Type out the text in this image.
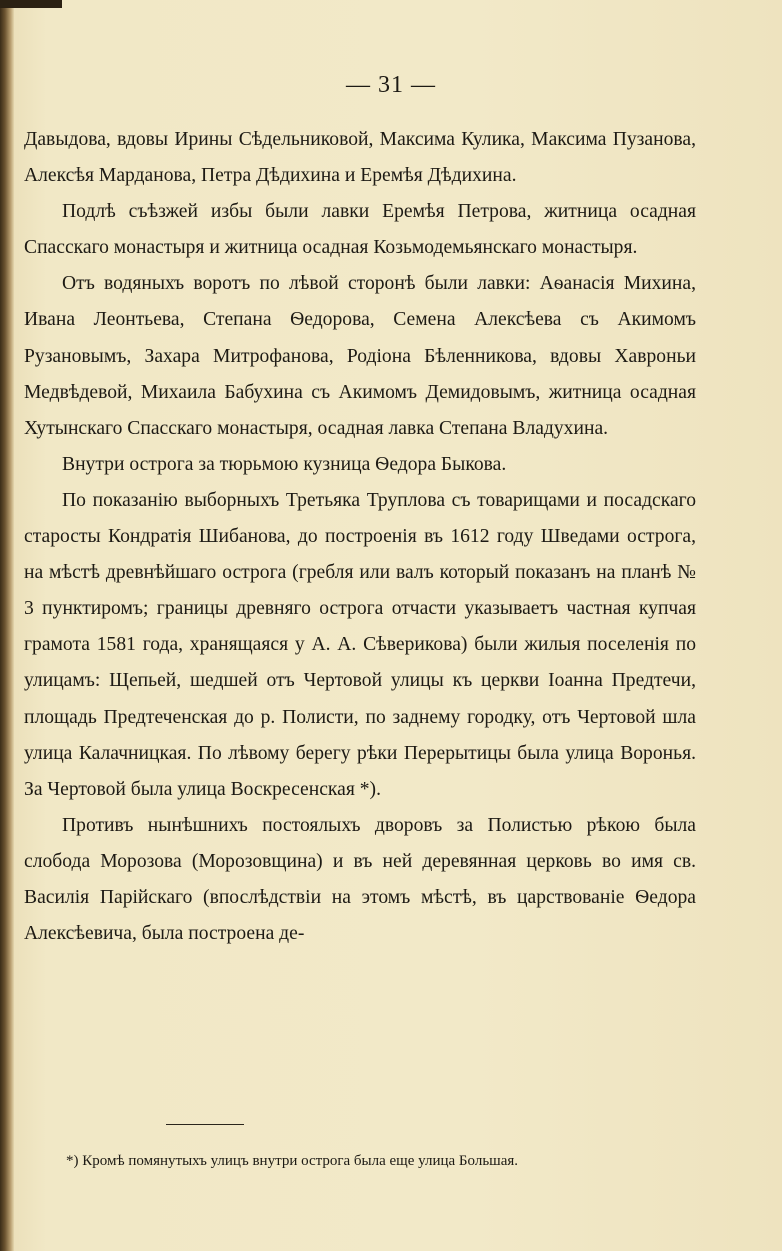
— 31 —

Давыдова, вдовы Ирины Сѣдельниковой, Максима Кулика, Максима Пузанова, Алексѣя Марданова, Петра Дѣдихина и Еремѣя Дѣдихина.

Подлѣ съѣзжей избы были лавки Еремѣя Петрова, житница осадная Спасскаго монастыря и житница осадная Козьмодемьянскаго монастыря.

Отъ водяныхъ воротъ по лѣвой сторонѣ были лавки: Аѳанасія Михина, Ивана Леонтьева, Степана Ѳедорова, Семена Алексѣева съ Акимомъ Рузановымъ, Захара Митрофанова, Родіона Бѣленникова, вдовы Хавроньи Медвѣдевой, Михаила Бабухина съ Акимомъ Демидовымъ, житница осадная Хутынскаго Спасскаго монастыря, осадная лавка Степана Владухина.

Внутри острога за тюрьмою кузница Ѳедора Быкова.

По показанію выборныхъ Третьяка Труплова съ товарищами и посадскаго старосты Кондратія Шибанова, до построенія въ 1612 году Шведами острога, на мѣстѣ древнѣйшаго острога (гребля или валъ который показанъ на планѣ № 3 пунктиромъ; границы древняго острога отчасти указываетъ частная купчая грамота 1581 года, хранящаяся у А. А. Сѣверикова) были жилыя поселенія по улицамъ: Щепьей, шедшей отъ Чертовой улицы къ церкви Іоанна Предтечи, площадь Предтеченская до р. Полисти, по заднему городку, отъ Чертовой шла улица Калачницкая. По лѣвому берегу рѣки Перерытицы была улица Воронья. За Чертовой была улица Воскресенская *).

Противъ нынѣшнихъ постоялыхъ дворовъ за Полистью рѣкою была слобода Морозова (Морозовщина) и въ ней деревянная церковь во имя св. Василія Парійскаго (впослѣдствіи на этомъ мѣстѣ, въ царствованіе Ѳедора Алексѣевича, была построена де-

*) Кромѣ помянутыхъ улицъ внутри острога была еще улица Большая.
